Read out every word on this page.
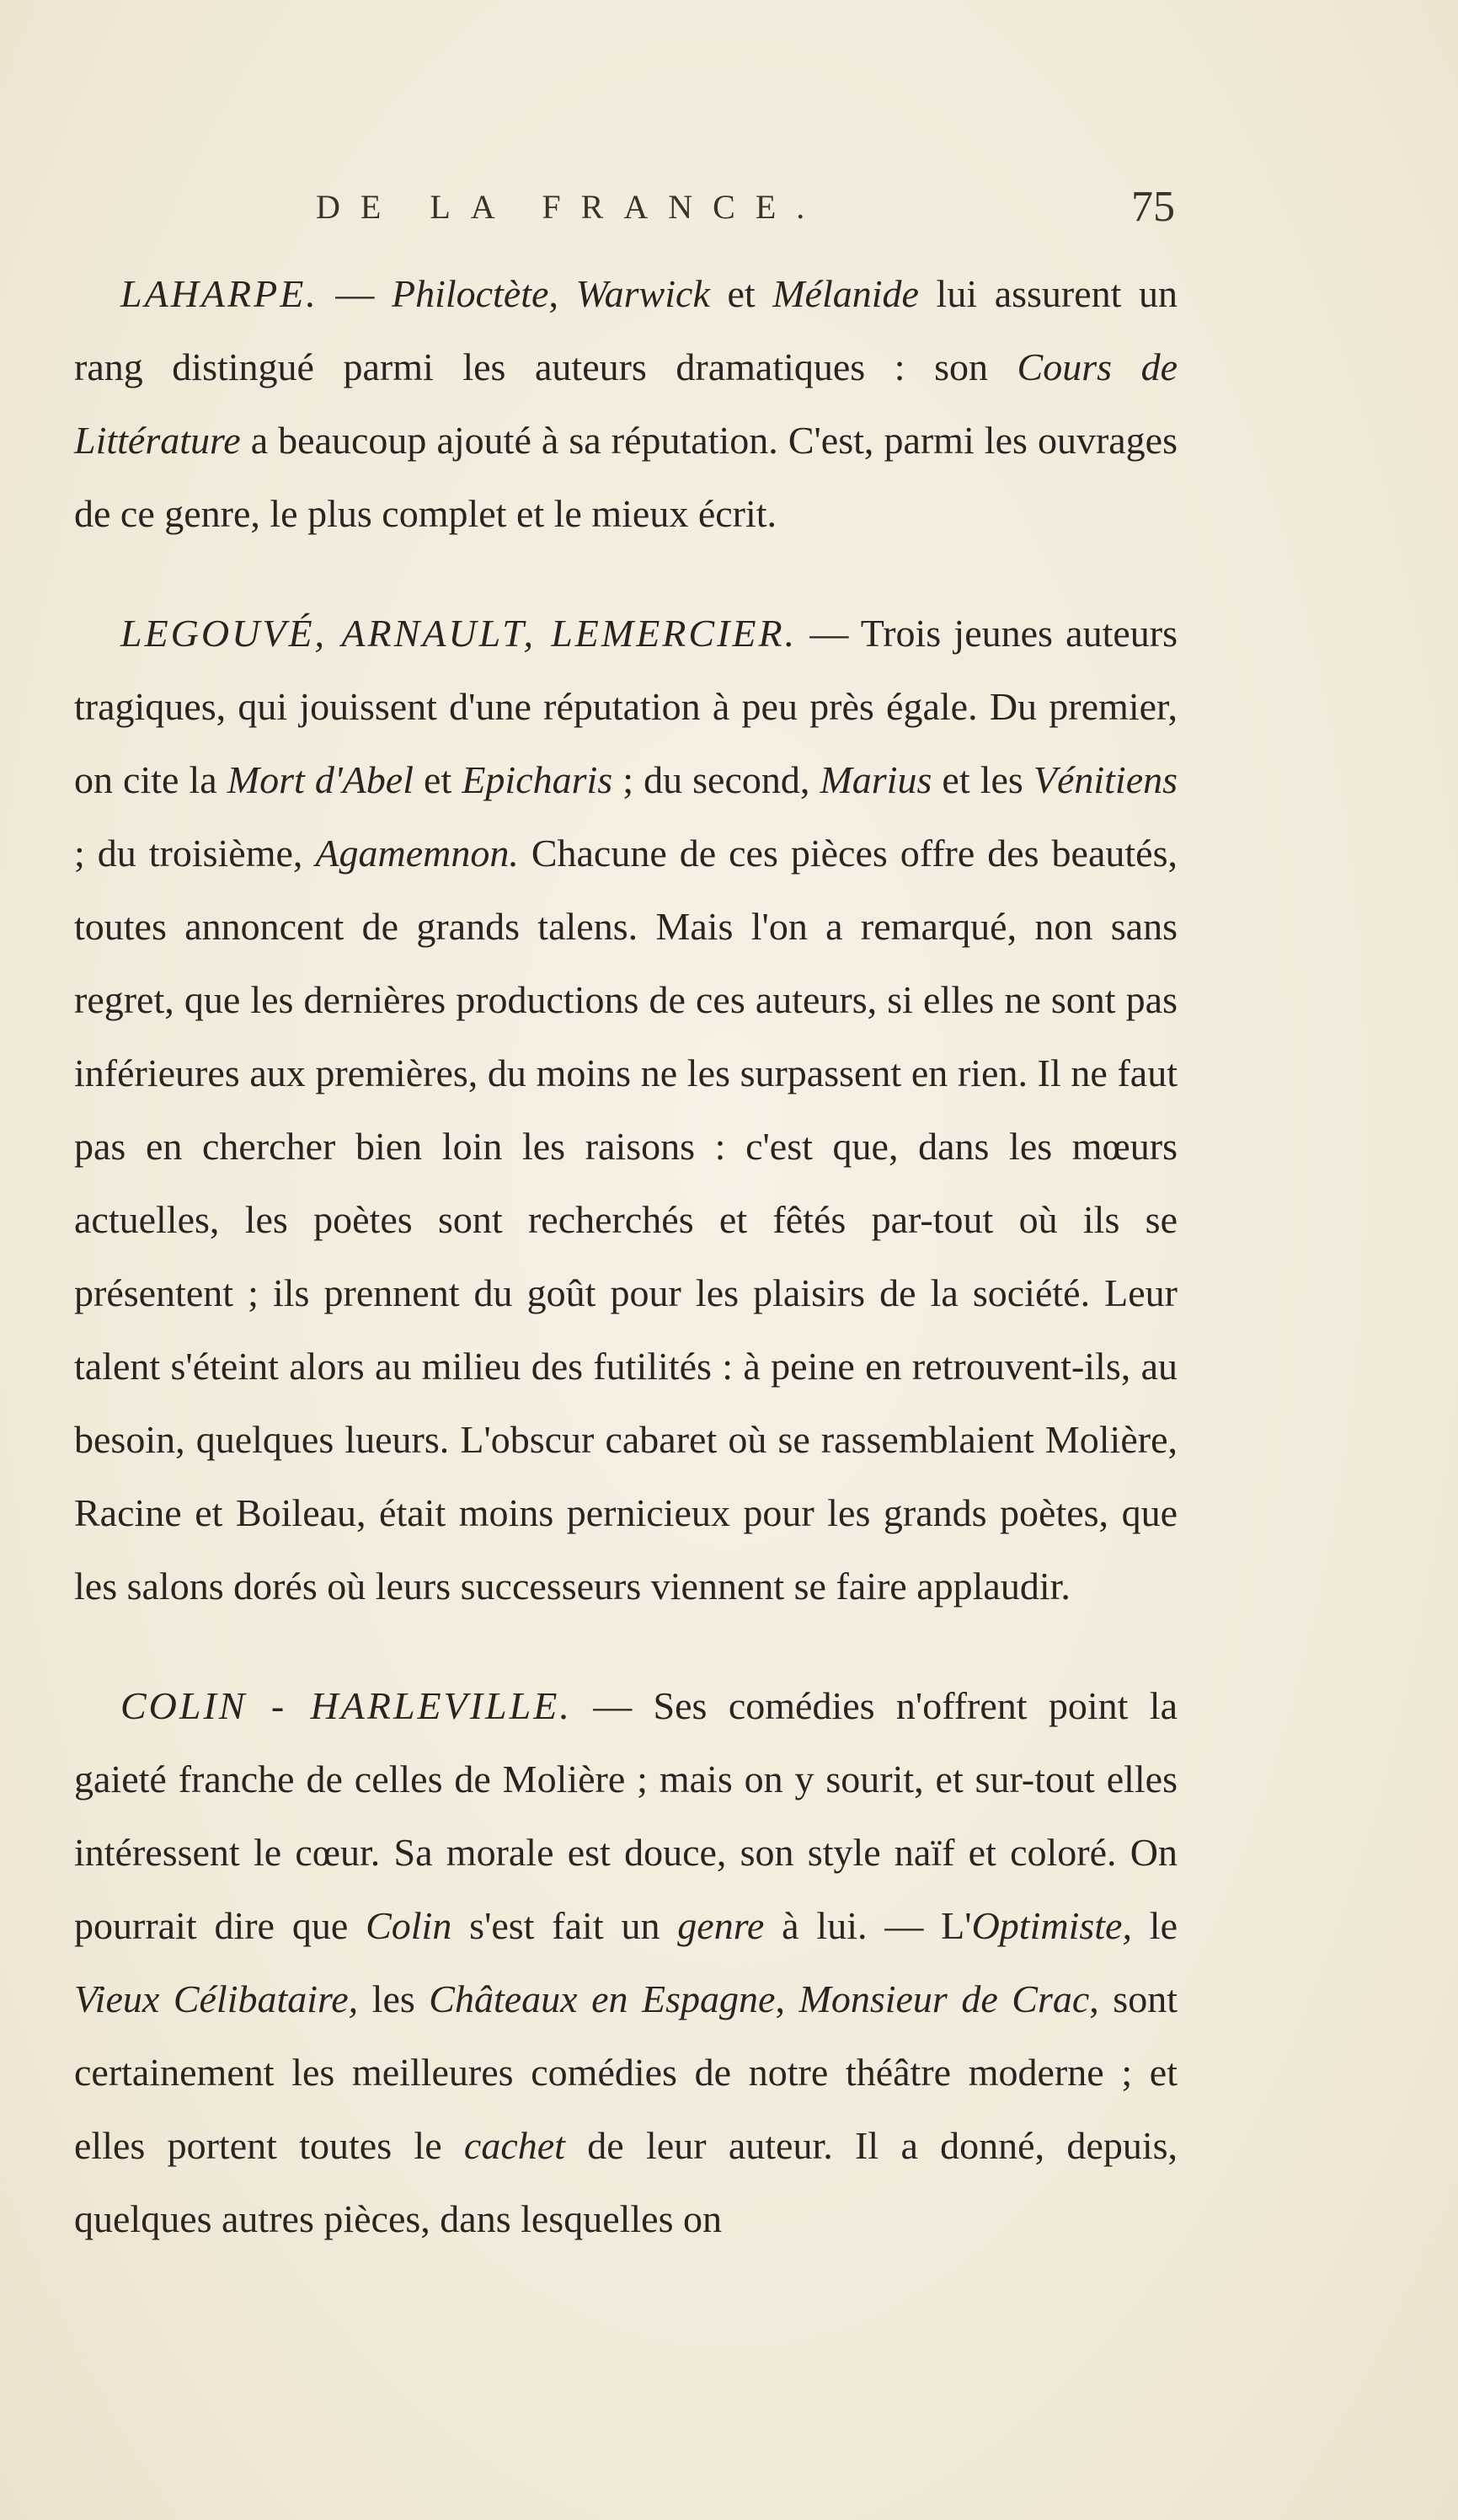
DE LA FRANCE.	75

LAHARPE. — Philoctète, Warwick et Mélanide lui assurent un rang distingué parmi les auteurs dramatiques : son Cours de Littérature a beaucoup ajouté à sa réputation. C'est, parmi les ouvrages de ce genre, le plus complet et le mieux écrit.

LEGOUVÉ, ARNAULT, LEMERCIER. — Trois jeunes auteurs tragiques, qui jouissent d'une réputation à peu près égale. Du premier, on cite la Mort d'Abel et Epicharis ; du second, Marius et les Vénitiens ; du troisième, Agamemnon. Chacune de ces pièces offre des beautés, toutes annoncent de grands talens. Mais l'on a remarqué, non sans regret, que les dernières productions de ces auteurs, si elles ne sont pas inférieures aux premières, du moins ne les surpassent en rien. Il ne faut pas en chercher bien loin les raisons : c'est que, dans les mœurs actuelles, les poètes sont recherchés et fêtés par-tout où ils se présentent ; ils prennent du goût pour les plaisirs de la société. Leur talent s'éteint alors au milieu des futilités : à peine en retrouvent-ils, au besoin, quelques lueurs. L'obscur cabaret où se rassemblaient Molière, Racine et Boileau, était moins pernicieux pour les grands poètes, que les salons dorés où leurs successeurs viennent se faire applaudir.

COLIN - HARLEVILLE. — Ses comédies n'offrent point la gaieté franche de celles de Molière ; mais on y sourit, et sur-tout elles intéressent le cœur. Sa morale est douce, son style naïf et coloré. On pourrait dire que Colin s'est fait un genre à lui. — L'Optimiste, le Vieux Célibataire, les Châteaux en Espagne, Monsieur de Crac, sont certainement les meilleures comédies de notre théâtre moderne ; et elles portent toutes le cachet de leur auteur. Il a donné, depuis, quelques autres pièces, dans lesquelles on
